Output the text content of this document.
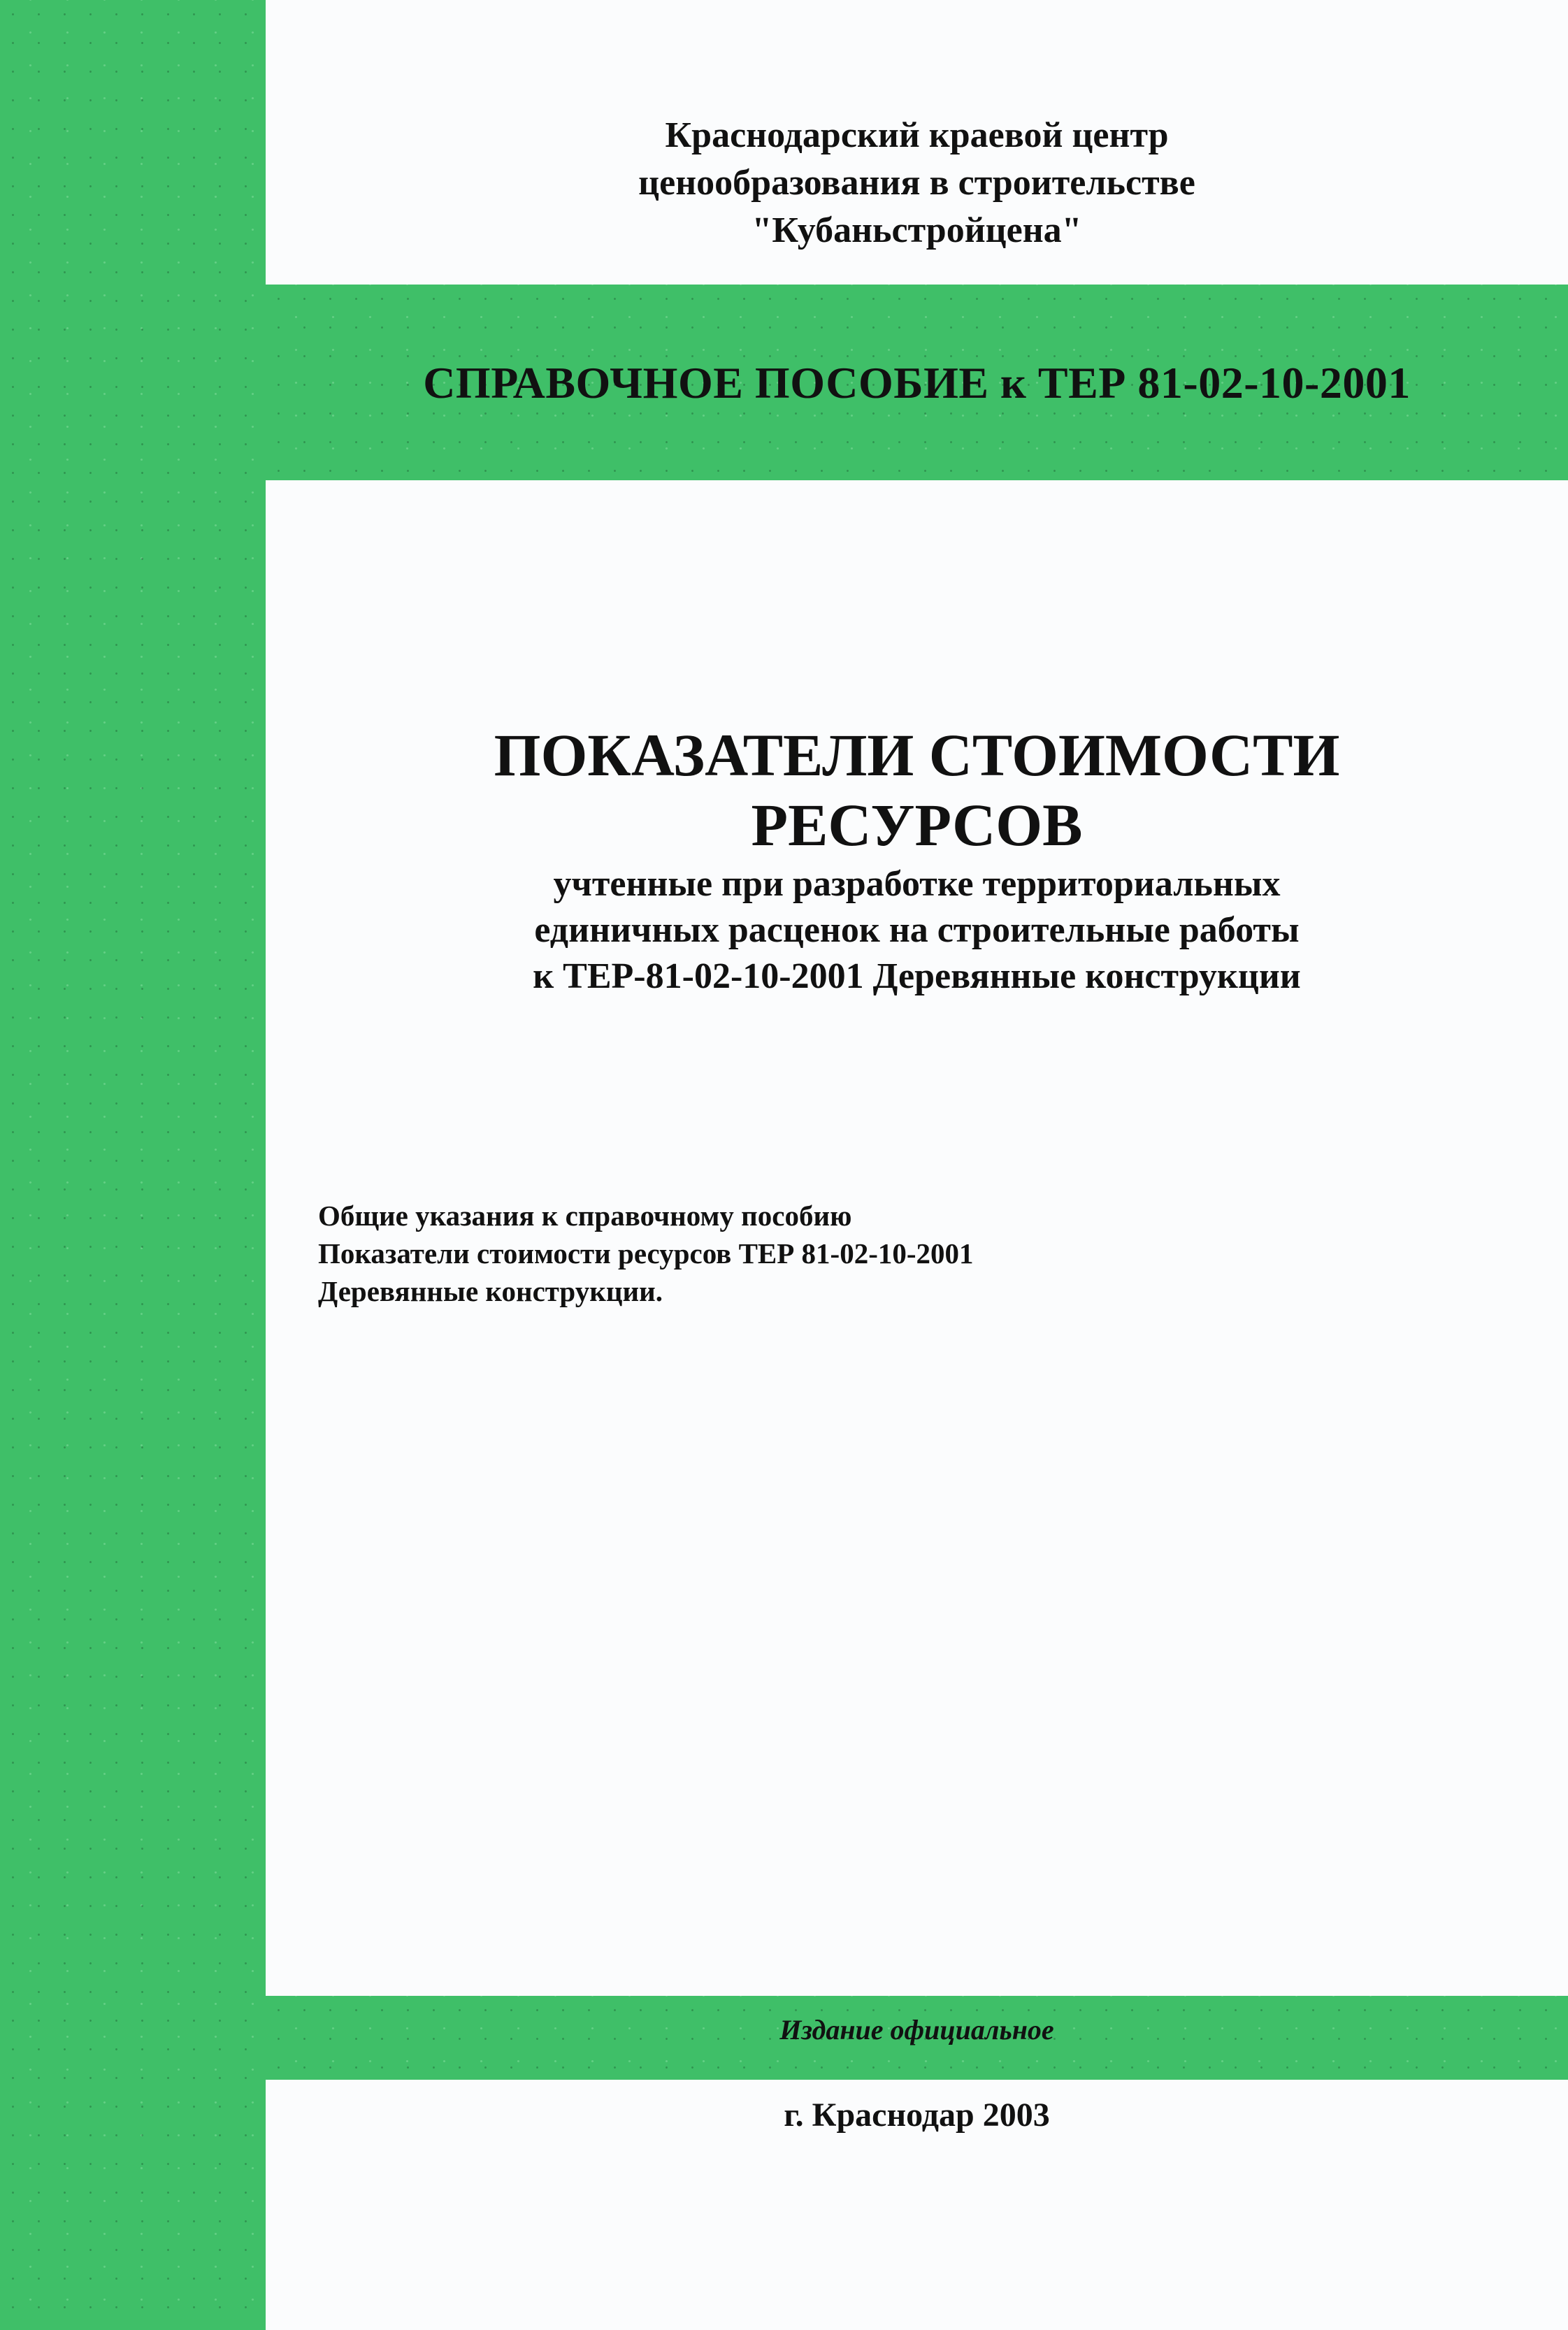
Краснодарский краевой центр
ценообразования в строительстве
"Кубаньстройцена"
СПРАВОЧНОЕ ПОСОБИЕ к ТЕР 81-02-10-2001
ПОКАЗАТЕЛИ СТОИМОСТИ
РЕСУРСОВ
учтенные при разработке территориальных
единичных расценок на строительные работы
к ТЕР-81-02-10-2001 Деревянные конструкции
Общие указания к справочному пособию
Показатели стоимости ресурсов ТЕР 81-02-10-2001
Деревянные конструкции.
Издание официальное
г. Краснодар 2003
